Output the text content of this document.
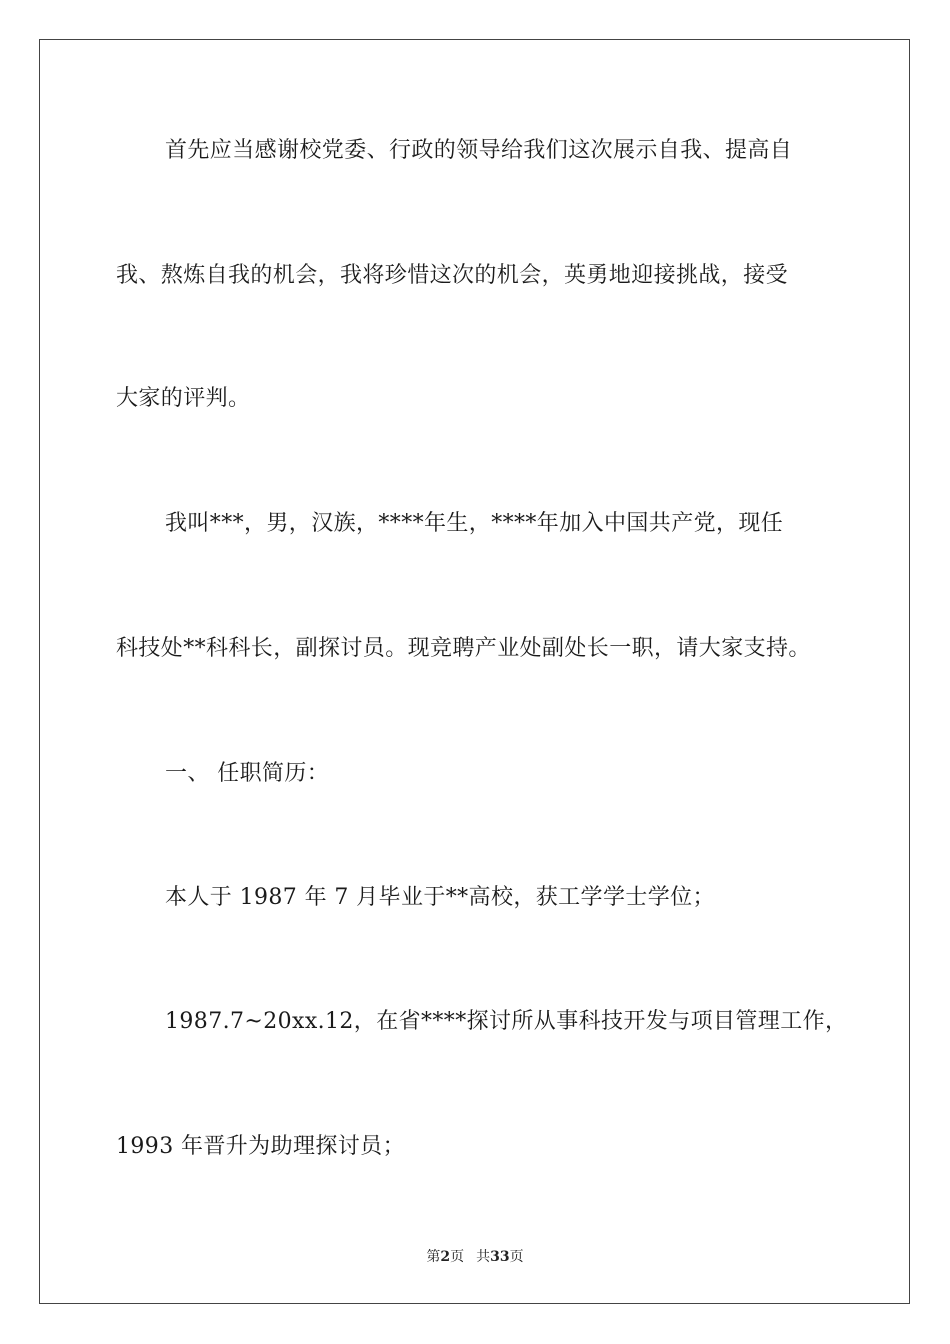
首先应当感谢校党委、行政的领导给我们这次展示自我、提高自

我、熬炼自我的机会，我将珍惜这次的机会，英勇地迎接挑战，接受

大家的评判。

我叫***，男，汉族，****年生，****年加入中国共产党，现任

科技处**科科长，副探讨员。现竞聘产业处副处长一职，请大家支持。

一、 任职简历：

本人于 1987 年 7 月毕业于**高校，获工学学士学位；

1987.7~20xx.12，在省****探讨所从事科技开发与项目管理工作，

1993 年晋升为助理探讨员；

第2页 共33页
